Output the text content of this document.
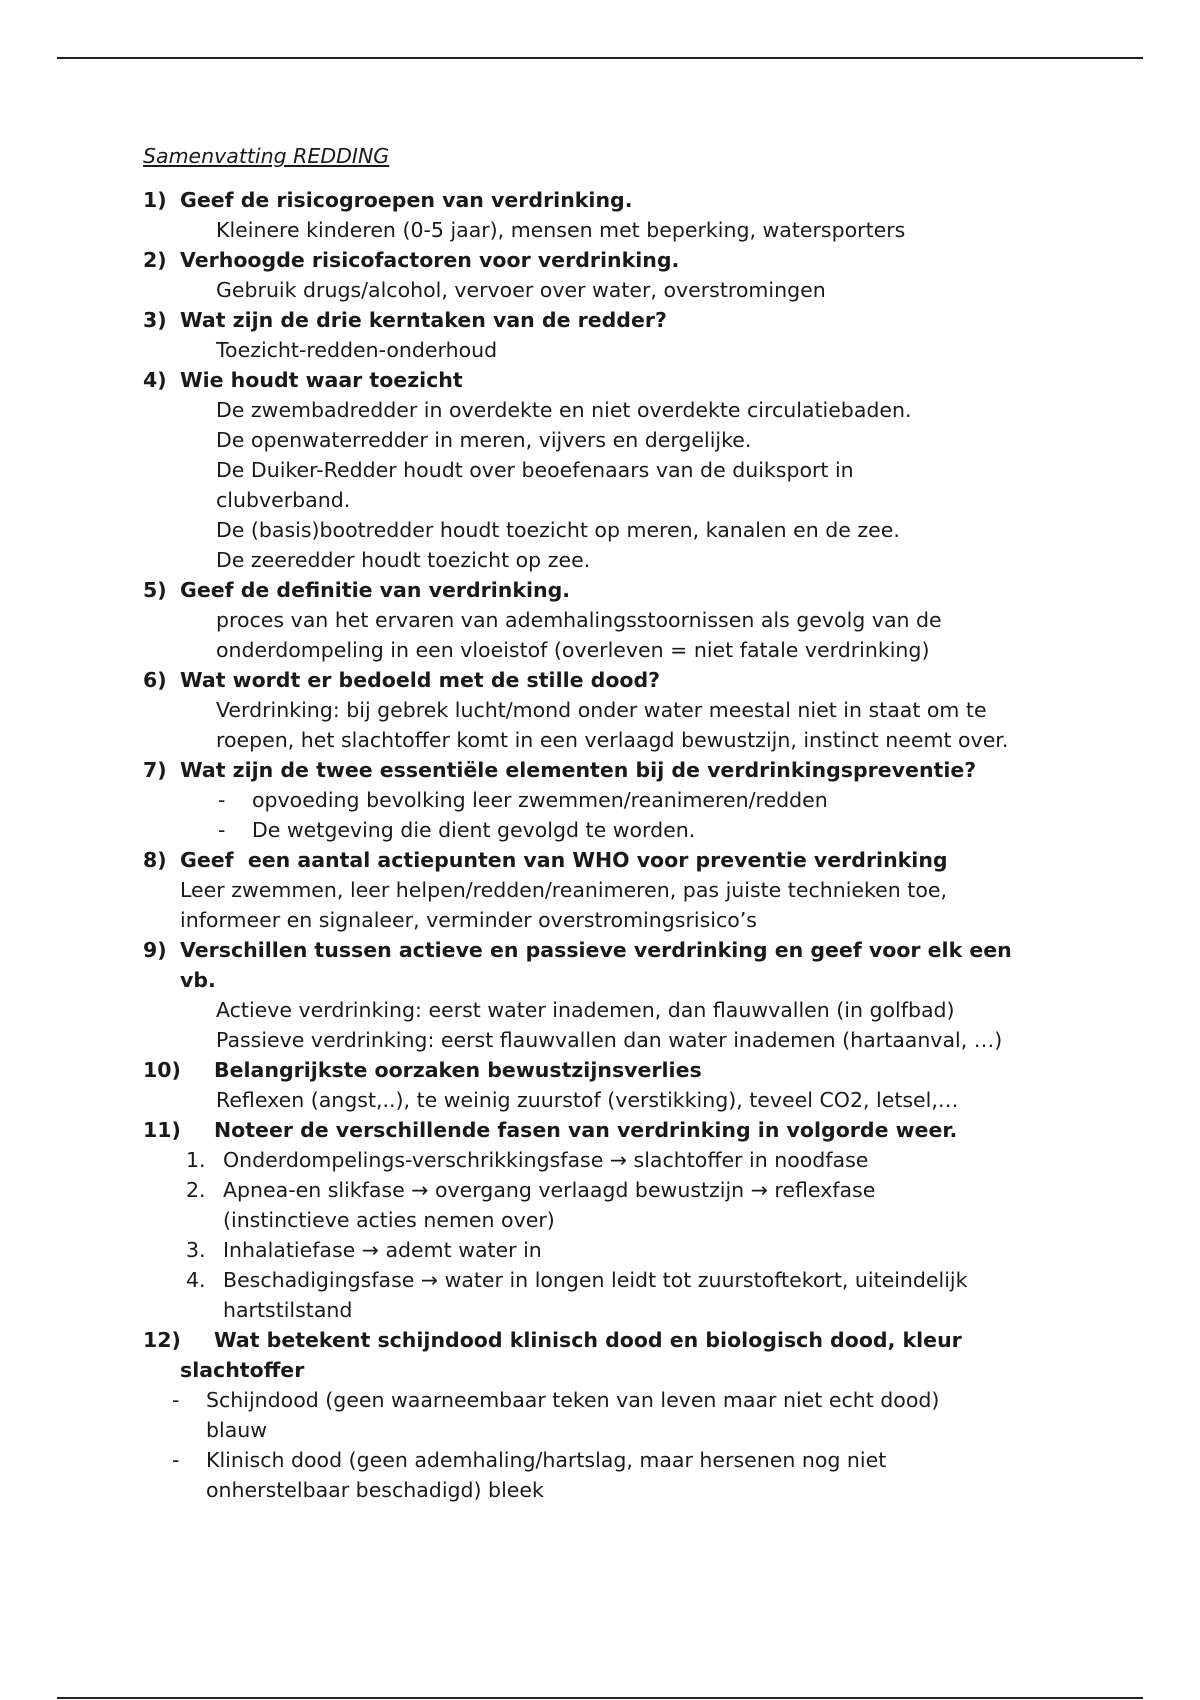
Samenvatting REDDING
1) Geef de risicogroepen van verdrinking.

Kleinere kinderen (0-5 jaar), mensen met beperking, watersporters

2) Verhoogde risicofactoren voor verdrinking.

Gebruik drugs/alcohol, vervoer over water, overstromingen

3) Wat zijn de drie kerntaken van de redder?

Toezicht-redden-onderhoud

4) Wie houdt waar toezicht

De zwembadredder in overdekte en niet overdekte circulatiebaden.

De openwaterredder in meren, vijvers en dergelijke.

De Duiker-Redder houdt over beoefenaars van de duiksport in clubverband.

De (basis)bootredder houdt toezicht op meren, kanalen en de zee.

De zeeredder houdt toezicht op zee.

5) Geef de definitie van verdrinking.

proces van het ervaren van ademhalingsstoornissen als gevolg van de onderdompeling in een vloeistof (overleven = niet fatale verdrinking)

6) Wat wordt er bedoeld met de stille dood?

Verdrinking: bij gebrek lucht/mond onder water meestal niet in staat om te roepen, het slachtoffer komt in een verlaagd bewustzijn, instinct neemt over.

7) Wat zijn de twee essentiële elementen bij de verdrinkingspreventie?
- opvoeding bevolking leer zwemmen/reanimeren/redden
- De wetgeving die dient gevolgd te worden.
8) Geef  een aantal actiepunten van WHO voor preventie verdrinking

Leer zwemmen, leer helpen/redden/reanimeren, pas juiste technieken toe, informeer en signaleer, verminder overstromingsrisico’s

9) Verschillen tussen actieve en passieve verdrinking en geef voor elk een vb.

Actieve verdrinking: eerst water inademen, dan flauwvallen (in golfbad)

Passieve verdrinking: eerst flauwvallen dan water inademen (hartaanval, …)

10) Belangrijkste oorzaken bewustzijnsverlies

Reflexen (angst,..), te weinig zuurstof (verstikking), teveel CO2, letsel,…

11) Noteer de verschillende fasen van verdrinking in volgorde weer.
1. Onderdompelings-verschrikkingsfase → slachtoffer in noodfase
2. Apnea-en slikfase → overgang verlaagd bewustzijn → reflexfase (instinctieve acties nemen over)
3. Inhalatiefase → ademt water in
4. Beschadigingsfase → water in longen leidt tot zuurstoftekort, uiteindelijk hartstilstand
12)	Wat betekent schijndood klinisch dood en biologisch dood, kleur
slachtoffer
- Schijndood (geen waarneembaar teken van leven maar niet echt dood) blauw
- Klinisch dood (geen ademhaling/hartslag, maar hersenen nog niet onherstelbaar beschadigd) bleek
